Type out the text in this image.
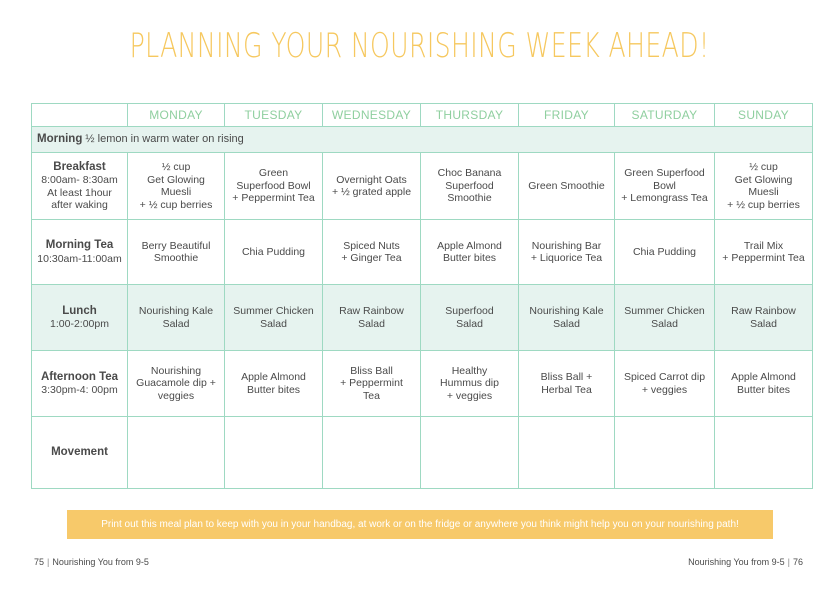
PLANNING YOUR NOURISHING WEEK AHEAD!
	MONDAY	TUESDAY	WEDNESDAY	THURSDAY	FRIDAY	SATURDAY	SUNDAY
Morning ½ lemon in warm water on rising							

Breakfast
8:00am- 8:30am
At least 1hour
after waking	½ cup
Get Glowing
Muesli
+ ½ cup berries	Green
Superfood Bowl
+ Peppermint Tea	Overnight Oats
+ ½ grated apple	Choc Banana
Superfood
Smoothie	Green Smoothie	Green Superfood
Bowl
+ Lemongrass Tea	½ cup
Get Glowing
Muesli
+ ½ cup berries

Morning Tea
10:30am-11:00am	Berry Beautiful
Smoothie	Chia Pudding	Spiced Nuts
+ Ginger Tea	Apple Almond
Butter bites	Nourishing Bar
+ Liquorice Tea	Chia Pudding	Trail Mix
+ Peppermint Tea

Lunch
1:00-2:00pm	Nourishing Kale
Salad	Summer Chicken
Salad	Raw Rainbow
Salad	Superfood
Salad	Nourishing Kale
Salad	Summer Chicken
Salad	Raw Rainbow
Salad

Afternoon Tea
3:30pm-4: 00pm	Nourishing
Guacamole dip +
veggies	Apple Almond
Butter bites	Bliss Ball
+ Peppermint
Tea	Healthy
Hummus dip
+ veggies	Bliss Ball +
Herbal Tea	Spiced Carrot dip
+ veggies	Apple Almond
Butter bites

Movement							

Print out this meal plan to keep with you in your handbag, at work or on the fridge or anywhere you think might help you on your nourishing path!
75 | Nourishing You from 9-5	Nourishing You from 9-5 | 76
